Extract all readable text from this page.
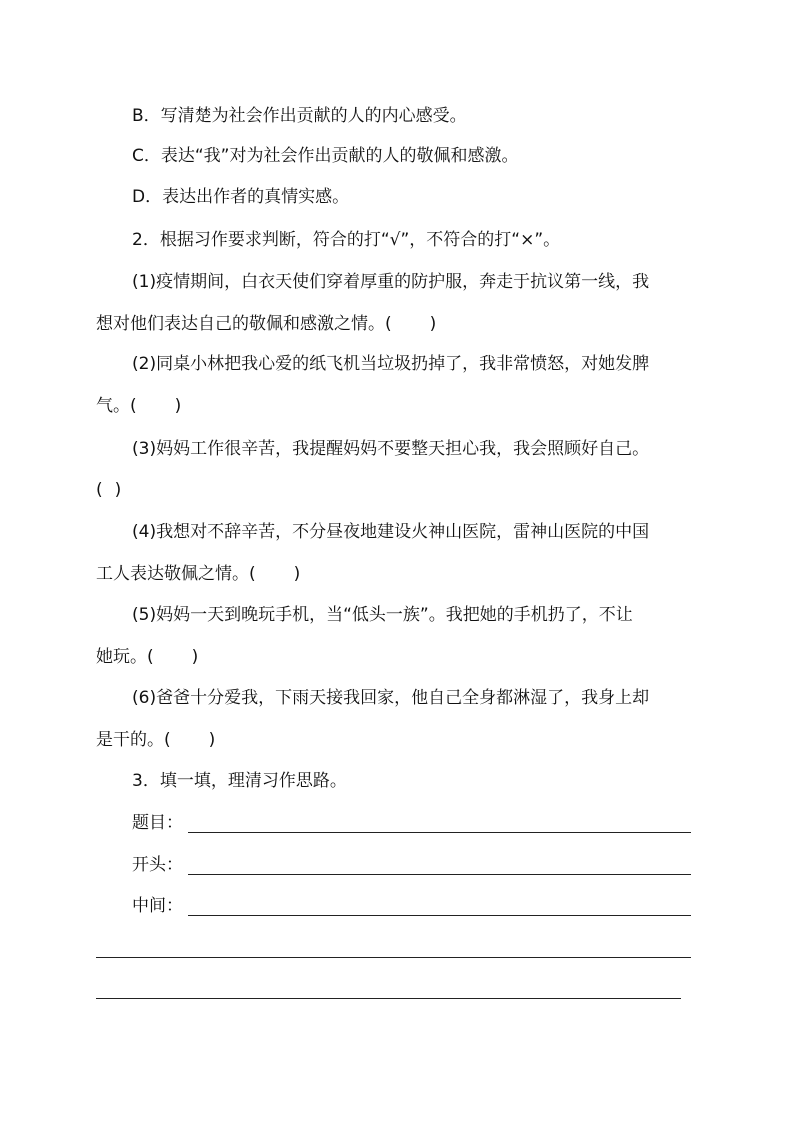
B．写清楚为社会作出贡献的人的内心感受。
C．表达“我”对为社会作出贡献的人的敬佩和感激。
D．表达出作者的真情实感。
2．根据习作要求判断，符合的打“√”，不符合的打“×”。
(1)疫情期间，白衣天使们穿着厚重的防护服，奔走于抗议第一线，我
想对他们表达自己的敬佩和感激之情。( )
(2)同桌小林把我心爱的纸飞机当垃圾扔掉了，我非常愤怒，对她发脾
气。( )
(3)妈妈工作很辛苦，我提醒妈妈不要整天担心我，我会照顾好自己。
( )
(4)我想对不辞辛苦，不分昼夜地建设火神山医院，雷神山医院的中国
工人表达敬佩之情。( )
(5)妈妈一天到晚玩手机，当“低头一族”。我把她的手机扔了，不让
她玩。( )
(6)爸爸十分爱我，下雨天接我回家，他自己全身都淋湿了，我身上却
是干的。( )
3．填一填，理清习作思路。
题目：
开头：
中间：
